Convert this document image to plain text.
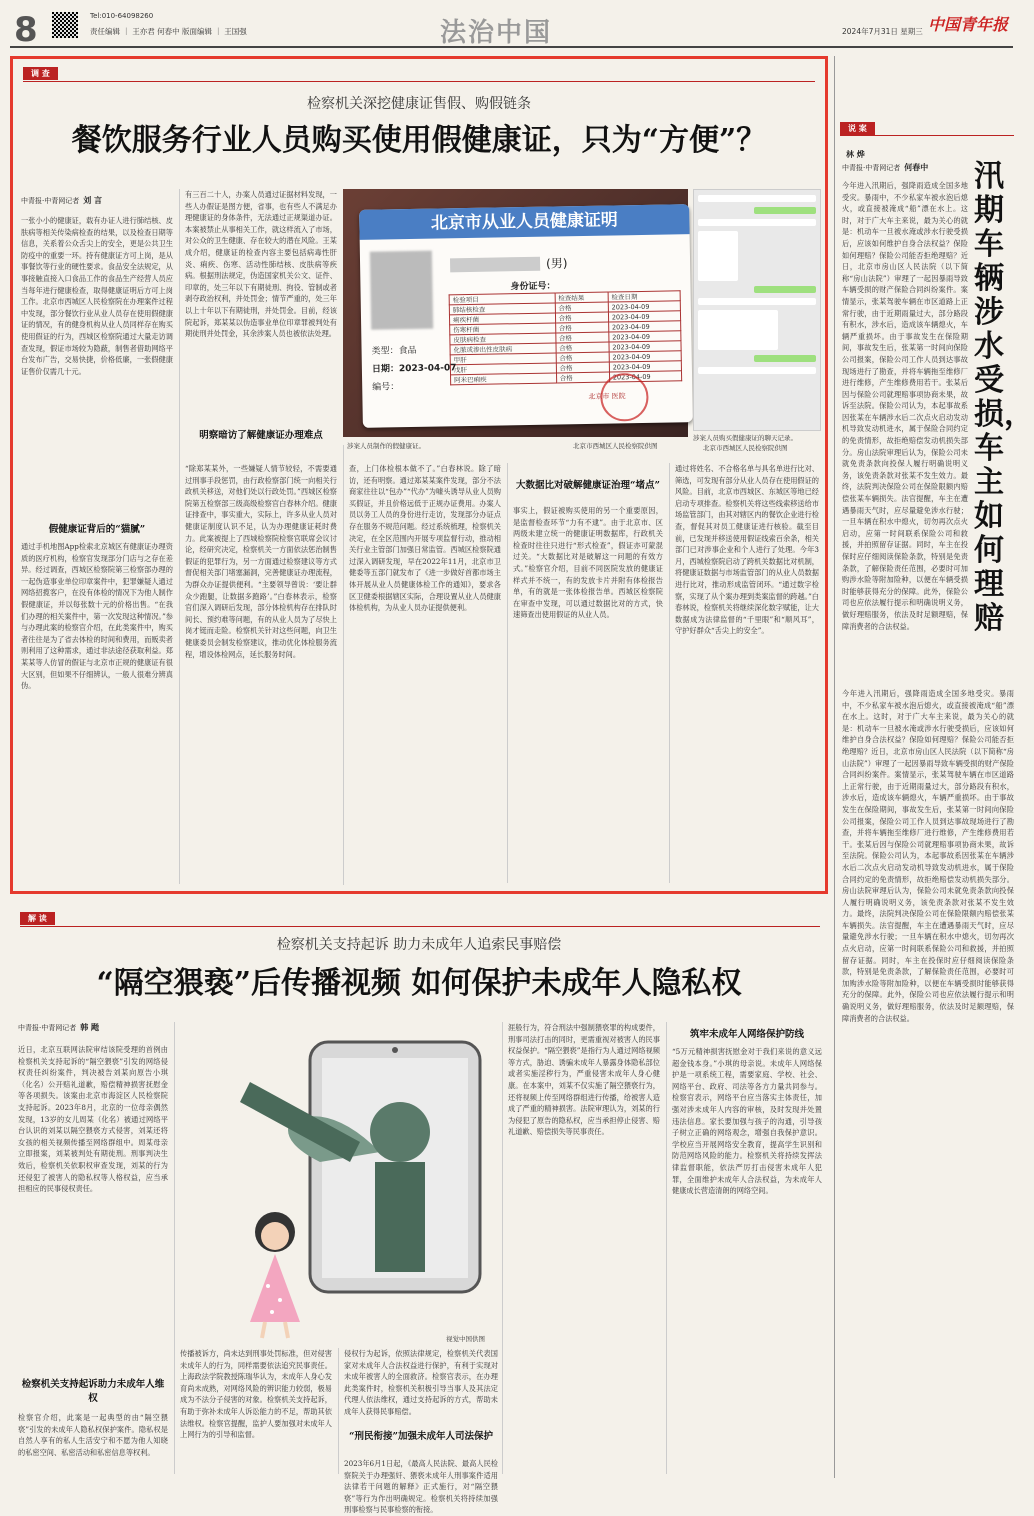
8	Tel:010-64098260
责任编辑 ｜ 王亦君 何春中 版面编辑 ｜ 王国强	法治中国	2024年7月31日 星期三 中国青年报
调 查
检察机关深挖健康证售假、购假链条
餐饮服务行业人员购买使用假健康证，只为“方便”？
中青报·中青网记者 刘 言
一张小小的健康证，载有办证人进行肺结核、皮肤病等相关传染病检查的结果，以及检查日期等信息，关系着公众舌尖上的安全，更是公共卫生防疫中的重要一环。持有健康证方可上岗，是从事餐饮等行业的硬性要求。食品安全法规定，从事接触直接入口食品工作的食品生产经营人员应当每年进行健康检查，取得健康证明后方可上岗工作。北京市西城区人民检察院在办理案件过程中发现，部分餐饮行业从业人员存在使用假健康证的情况，有的健身机构从业人员同样存在购买使用假证的行为，西城区检察院通过大量走访调查发现，假证市场较为隐蔽，制售者借助网络平台发布广告，交易快捷，价格低廉，一张假健康证售价仅需几十元。
假健康证背后的“猫腻”
通过手机地图App检索北京城区有健康证办理资质的医疗机构，检察官发现部分门店与之存在差异。经过调查，西城区检察院第三检察部办理的一起伪造事业单位印章案件中，犯罪嫌疑人通过网络招揽客户，在没有体检的情况下为他人制作假健康证，并以每张数十元的价格出售。“在我们办理的相关案件中，第一次发现这种情况。”参与办理此案的检察官介绍，在此类案件中，购买者往往是为了省去体检的时间和费用，而贩卖者则利用了这种需求，通过非法途径获取利益。郑某某等人仿冒的假证与北京市正规的健康证有很大区别，但如果不仔细辨认，一般人很难分辨真伪。
有三百二十人，办案人员通过证据材料发现，一些人办假证是图方便，省事，也有些人不满足办理健康证的身体条件，无法通过正规渠道办证。本案被禁止从事相关工作，就这样流入了市场，对公众的卫生健康、存在较大的潜在风险。王某成介绍，健康证的检查内容主要包括病毒性肝炎、痢疾、伤寒、活动性肺结核、皮肤病等疾病。根据刑法规定，伪造国家机关公文、证件、印章的，处三年以下有期徒刑、拘役、管制或者剥夺政治权利，并处罚金；情节严重的，处三年以上十年以下有期徒刑，并处罚金。目前，经该院起诉，郑某某以伪造事业单位印章罪被判处有期徒刑并处罚金，其余涉案人员也被依法处理。
明察暗访了解健康证办理难点
“除郑某某外，一些嫌疑人情节较轻，不需要通过刑事手段惩罚，由行政检察部门统一向相关行政机关移送，对他们处以行政处罚。”西城区检察院第五检察部三级高级检察官白春林介绍。健康证排查中，事实重大，实际上，许多从业人员对健康证制度认识不足，认为办理健康证耗时费力。此案被提上了西城检察院检察官联席会议讨论，经研究决定，检察机关一方面依法惩治制售假证的犯罪行为，另一方面通过检察建议等方式督促相关部门堵塞漏洞，完善健康证办理流程，为群众办证提供便利。“主要领导曾说：‘要让群众少跑腿，让数据多跑路’。”白春林表示，检察官们深入调研后发现，部分体检机构存在排队时间长、预约难等问题，有的从业人员为了尽快上岗才铤而走险。检察机关针对这些问题，向卫生健康委员会制发检察建议，推动优化体检服务流程，增设体检网点，延长服务时间。
北京市从业人员健康证明
(男)
身份证号：
检验项目	检查结果	检查日期
肺结核检查	合格	2023-04-09
痢疾杆菌	合格	2023-04-09
伤寒杆菌	合格	2023-04-09
皮肤病检查	合格	2023-04-09
化脓或渗出性皮肤病	合格	2023-04-09
甲肝	合格	2023-04-09
戊肝	合格	2023-04-09
阿米巴痢疾	合格	2023-04-09
类型：食品
日期：2023-04-07
编号：
北京市 医院
涉案人员制作的假健康证。	北京市西城区人民检察院供图
涉案人员购买假健康证的聊天记录。
北京市西城区人民检察院供图
查，上门体检根本做不了。”白春林说。除了暗访，还有明察。通过郑某某案件发现，部分不法商家往往以“包办”“代办”为噱头诱导从业人员购买假证，并且价格远低于正规办证费用。办案人员以务工人员的身份进行走访，发现部分办证点存在服务不规范问题。经过系统梳理，检察机关决定，在全区范围内开展专项监督行动，推动相关行业主管部门加强日常监管。西城区检察院通过深入调研发现，早在2022年11月，北京市卫健委等五部门就发布了《进一步做好首都市场主体开展从业人员健康体检工作的通知》，要求各区卫健委根据辖区实际，合理设置从业人员健康体检机构，为从业人员办证提供便利。
大数据比对破解健康证治理“堵点”
事实上，假证被购买使用的另一个重要原因，是监督检查环节“力有不逮”。由于北京市、区两级未建立统一的健康证明数据库，行政机关检查时往往只进行“形式检查”，假证亦可蒙混过关。“大数据比对是破解这一问题的有效方式。”检察官介绍，目前不同医院发放的健康证样式并不统一，有的发放卡片并附有体检报告单，有的就是一张体检报告单。西城区检察院在审查中发现，可以通过数据比对的方式，快速筛查出使用假证的从业人员。
通过将姓名、不合格名单与具名单进行比对、筛选，可发现有部分从业人员存在使用假证的风险。目前，北京市西城区、东城区等地已经启动专项排查。检察机关将这些线索移送给市场监管部门，由其对辖区内的餐饮企业进行检查，督促其对员工健康证进行核验。截至目前，已发现并移送使用假证线索百余条，相关部门已对涉事企业和个人进行了处理。今年3月，西城检察院启动了跨机关数据比对机制，将健康证数据与市场监管部门的从业人员数据进行比对，推动形成监管闭环。“通过数字检察，实现了从个案办理到类案监督的跨越。”白春林说，检察机关将继续深化数字赋能，让大数据成为法律监督的“千里眼”和“顺风耳”，守护好群众“舌尖上的安全”。
说 案
林 烨
中青报·中青网记者 何春中	汛期车辆涉水受损，车主如何理赔
今年进入汛期后，强降雨造成全国多地受灾。暴雨中，不少私家车被水泡后熄火，或直接被淹成“船”漂在水上。这时，对于广大车主来说，最为关心的就是：机动车一旦被水淹或涉水行驶受损后，应该如何维护自身合法权益？保险如何理赔？保险公司能否拒绝理赔？近日，北京市房山区人民法院（以下简称“房山法院”）审理了一起因暴雨导致车辆受损的财产保险合同纠纷案件。案情显示，张某驾驶车辆在市区道路上正常行驶，由于近期雨量过大，部分路段有积水，涉水后，造成该车辆熄火，车辆严重损坏。由于事故发生在保险期间，事故发生后，张某第一时间向保险公司报案，保险公司工作人员到达事故现场进行了勘查，并将车辆拖至维修厂进行维修，产生维修费用若干。张某后因与保险公司就理赔事项协商未果，故诉至法院。保险公司认为，本起事故系因张某在车辆涉水后二次点火启动发动机导致发动机进水，属于保险合同约定的免责情形，故拒绝赔偿发动机损失部分。房山法院审理后认为，保险公司未就免责条款向投保人履行明确说明义务，该免责条款对张某不发生效力。最终，法院判决保险公司在保险限额内赔偿张某车辆损失。法官提醒，车主在遭遇暴雨天气时，应尽量避免涉水行驶；一旦车辆在积水中熄火，切勿再次点火启动，应第一时间联系保险公司和救援，并拍照留存证据。同时，车主在投保时应仔细阅读保险条款，特别是免责条款，了解保险责任范围，必要时可加购涉水险等附加险种，以便在车辆受损时能够获得充分的保障。此外，保险公司也应依法履行提示和明确说明义务，做好理赔服务，依法及时足额理赔，保障消费者的合法权益。
今年进入汛期后，强降雨造成全国多地受灾。暴雨中，不少私家车被水泡后熄火，或直接被淹成“船”漂在水上。这时，对于广大车主来说，最为关心的就是：机动车一旦被水淹或涉水行驶受损后，应该如何维护自身合法权益？保险如何理赔？保险公司能否拒绝理赔？近日，北京市房山区人民法院（以下简称“房山法院”）审理了一起因暴雨导致车辆受损的财产保险合同纠纷案件。案情显示，张某驾驶车辆在市区道路上正常行驶，由于近期雨量过大，部分路段有积水，涉水后，造成该车辆熄火，车辆严重损坏。由于事故发生在保险期间，事故发生后，张某第一时间向保险公司报案，保险公司工作人员到达事故现场进行了勘查，并将车辆拖至维修厂进行维修，产生维修费用若干。张某后因与保险公司就理赔事项协商未果，故诉至法院。保险公司认为，本起事故系因张某在车辆涉水后二次点火启动发动机导致发动机进水，属于保险合同约定的免责情形，故拒绝赔偿发动机损失部分。房山法院审理后认为，保险公司未就免责条款向投保人履行明确说明义务，该免责条款对张某不发生效力。最终，法院判决保险公司在保险限额内赔偿张某车辆损失。法官提醒，车主在遭遇暴雨天气时，应尽量避免涉水行驶；一旦车辆在积水中熄火，切勿再次点火启动，应第一时间联系保险公司和救援，并拍照留存证据。同时，车主在投保时应仔细阅读保险条款，特别是免责条款，了解保险责任范围，必要时可加购涉水险等附加险种，以便在车辆受损时能够获得充分的保障。此外，保险公司也应依法履行提示和明确说明义务，做好理赔服务，依法及时足额理赔，保障消费者的合法权益。
解 读
检察机关支持起诉 助力未成年人追索民事赔偿
“隔空猥亵”后传播视频 如何保护未成年人隐私权
中青报·中青网记者 韩 飏
近日，北京互联网法院审结该院受理的首例由检察机关支持起诉的“隔空猥亵”引发的网络侵权责任纠纷案件，判决被告刘某向原告小琪（化名）公开赔礼道歉，赔偿精神损害抚慰金等各项损失。该案由北京市海淀区人民检察院支持起诉。2023年8月，北京的一位母亲偶然发现，13岁的女儿周某（化名）被通过网络平台认识的刘某以隔空猥亵方式侵害，刘某还将女孩的相关视频传播至网络群组中。周某母亲立即报案，刘某被判处有期徒刑。刑事判决生效后，检察机关依职权审查发现，刘某的行为还侵犯了被害人的隐私权等人格权益，应当承担相应的民事侵权责任。
检察机关支持起诉助力未成年人维权
检察官介绍，此案是一起典型的由“隔空猥亵”引发的未成年人隐私权保护案件。隐私权是自然人享有的私人生活安宁和不愿为他人知晓的私密空间、私密活动和私密信息等权利。
视觉中国供图
传播被诉方，尚未达到刑事处罚标准，但对侵害未成年人的行为，同样需要依法追究民事责任。上海政法学院教授陈瑞华认为，未成年人身心发育尚未成熟，对网络风险的辨识能力较弱，极易成为不法分子侵害的对象。检察机关支持起诉，有助于弥补未成年人诉讼能力的不足，帮助其依法维权。检察官提醒，监护人要加强对未成年人上网行为的引导和监督。
侵权行为起诉，依照法律规定，检察机关代表国家对未成年人合法权益进行保护，有利于实现对未成年被害人的全面救济。检察官表示，在办理此类案件时，检察机关积极引导当事人及其法定代理人依法维权，通过支持起诉的方式，帮助未成年人获得民事赔偿。
“刑民衔接”加强未成年人司法保护
2023年6月1日起，《最高人民法院、最高人民检察院关于办理强奸、猥亵未成年人刑事案件适用法律若干问题的解释》正式施行，对“隔空猥亵”等行为作出明确规定。检察机关将持续加强刑事检察与民事检察的衔接。
涯般行为，符合刑法中强制猥亵罪的构成要件，刑事司法打击的同时，更需重视对被害人的民事权益保护。“隔空猥亵”是指行为人通过网络视频等方式，胁迫、诱骗未成年人暴露身体隐私部位或者实施淫秽行为，严重侵害未成年人身心健康。在本案中，刘某不仅实施了隔空猥亵行为，还将视频上传至网络群组进行传播，给被害人造成了严重的精神损害。法院审理认为，刘某的行为侵犯了原告的隐私权，应当承担停止侵害、赔礼道歉、赔偿损失等民事责任。
筑牢未成年人网络保护防线
“5万元精神损害抚慰金对于我们来说的意义远超金钱本身。”小琪的母亲说。未成年人网络保护是一项系统工程，需要家庭、学校、社会、网络平台、政府、司法等各方力量共同参与。检察官表示，网络平台应当落实主体责任，加强对涉未成年人内容的审核，及时发现并处置违法信息。家长要加强与孩子的沟通，引导孩子树立正确的网络观念，增强自我保护意识。学校应当开展网络安全教育，提高学生识别和防范网络风险的能力。检察机关将持续发挥法律监督职能，依法严厉打击侵害未成年人犯罪，全面维护未成年人合法权益，为未成年人健康成长营造清朗的网络空间。
